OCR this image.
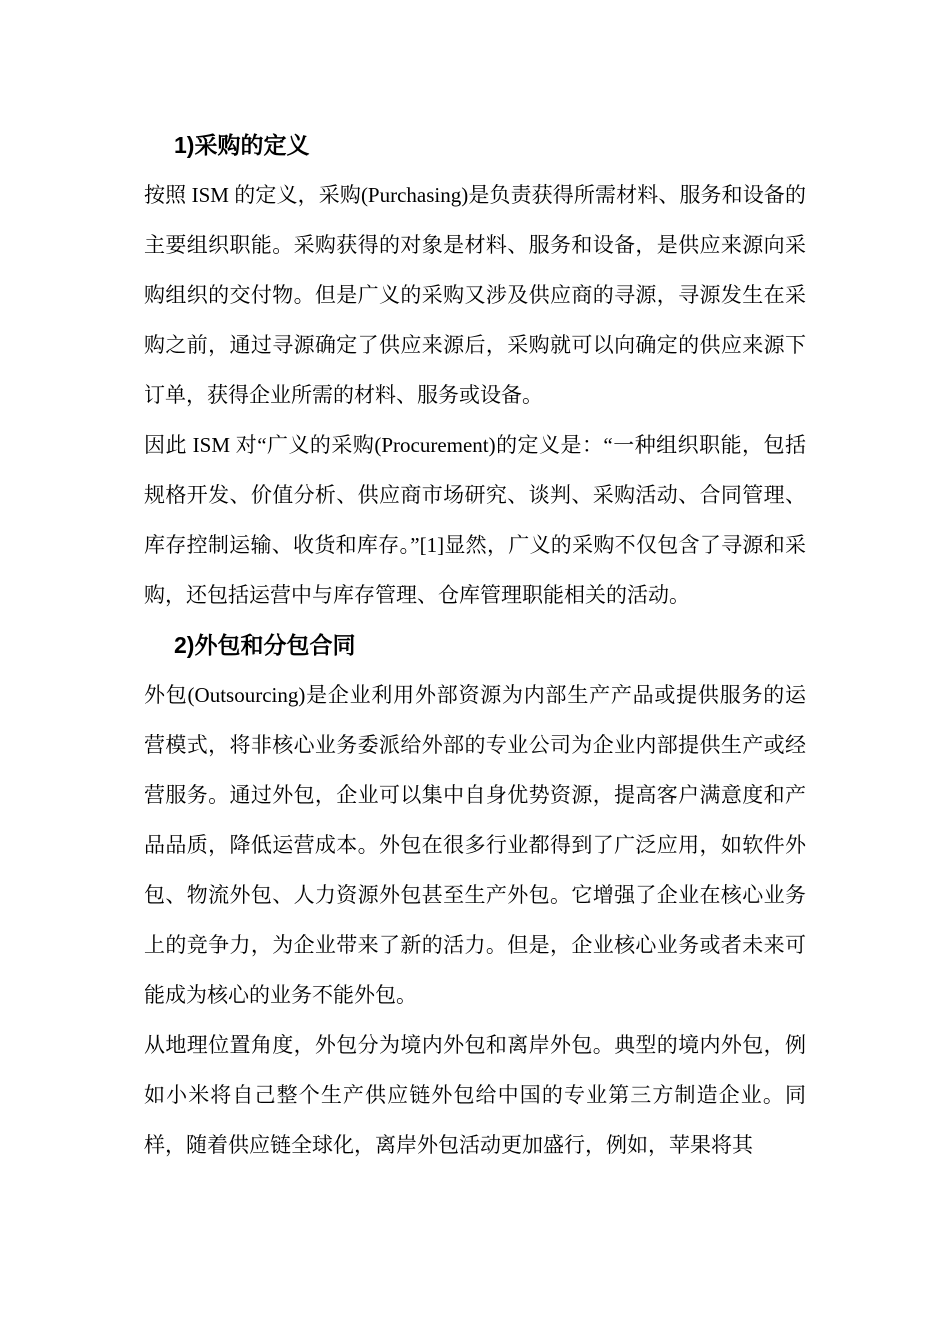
1)采购的定义

按照 ISM 的定义，采购(Purchasing)是负责获得所需材料、服务和设备的主要组织职能。采购获得的对象是材料、服务和设备，是供应来源向采购组织的交付物。但是广义的采购又涉及供应商的寻源，寻源发生在采购之前，通过寻源确定了供应来源后，采购就可以向确定的供应来源下订单，获得企业所需的材料、服务或设备。

因此 ISM 对“广义的采购(Procurement)的定义是：“一种组织职能，包括规格开发、价值分析、供应商市场研究、谈判、采购活动、合同管理、库存控制运输、收货和库存。”[1]显然，广义的采购不仅包含了寻源和采购，还包括运营中与库存管理、仓库管理职能相关的活动。

2)外包和分包合同

外包(Outsourcing)是企业利用外部资源为内部生产产品或提供服务的运营模式，将非核心业务委派给外部的专业公司为企业内部提供生产或经营服务。通过外包，企业可以集中自身优势资源，提高客户满意度和产品品质，降低运营成本。外包在很多行业都得到了广泛应用，如软件外包、物流外包、人力资源外包甚至生产外包。它增强了企业在核心业务上的竞争力，为企业带来了新的活力。但是，企业核心业务或者未来可能成为核心的业务不能外包。

从地理位置角度，外包分为境内外包和离岸外包。典型的境内外包，例如小米将自己整个生产供应链外包给中国的专业第三方制造企业。同样，随着供应链全球化，离岸外包活动更加盛行，例如，苹果将其
